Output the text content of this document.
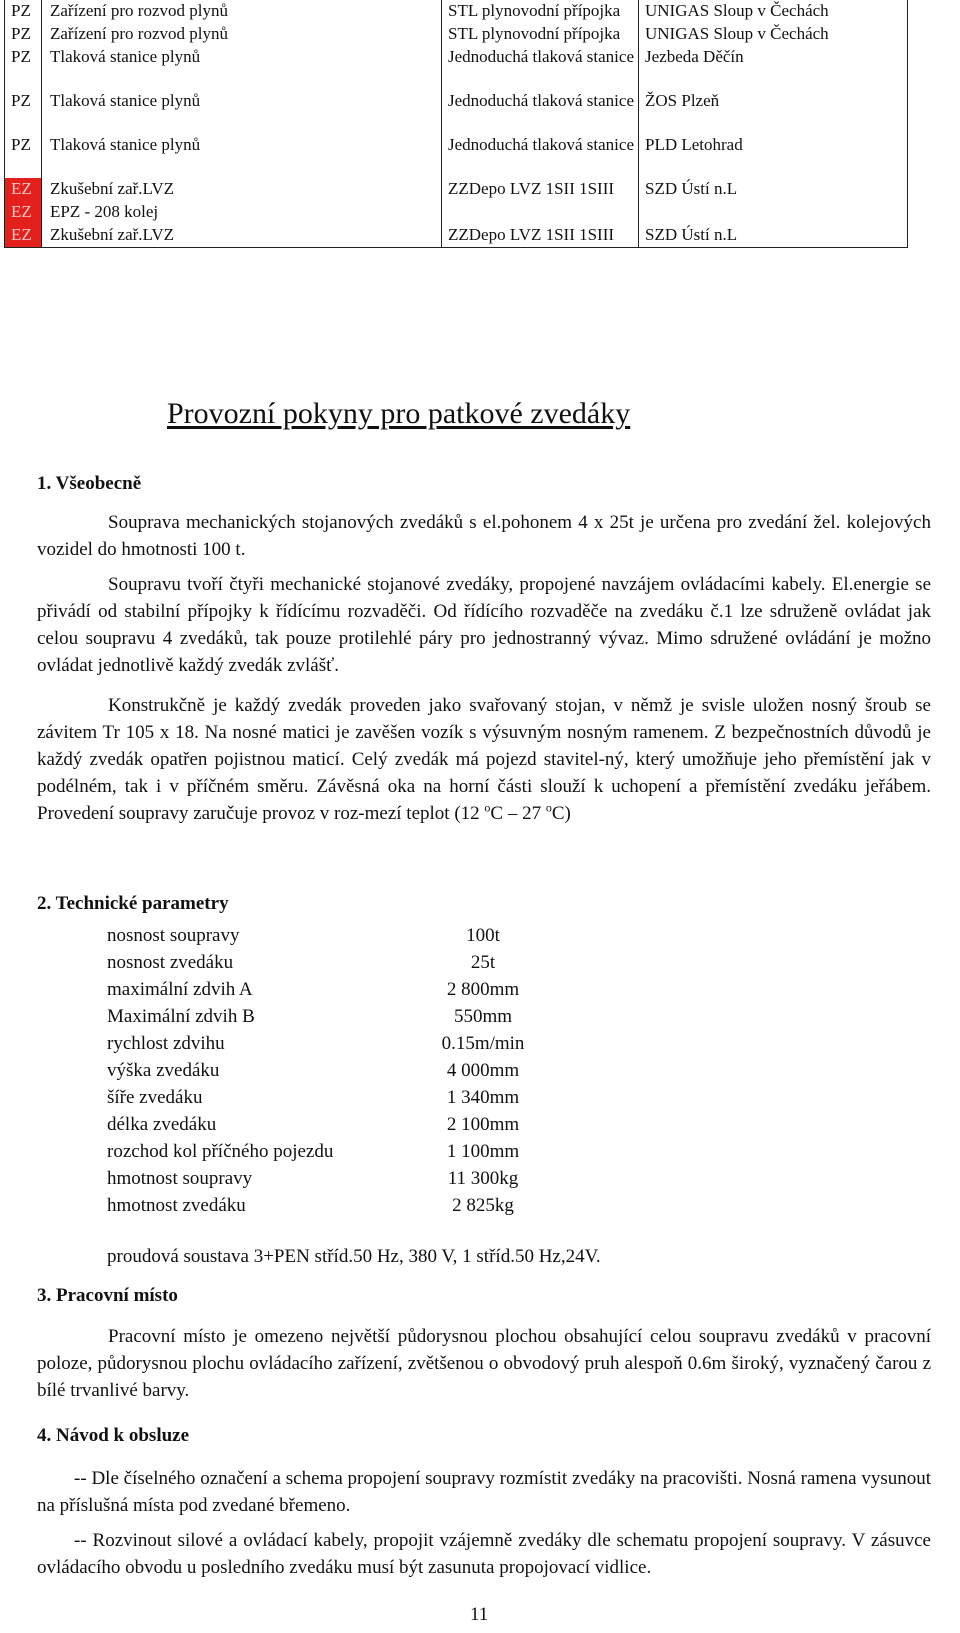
PZ	Zařízení pro rozvod plynů	STL plynovodní přípojka	UNIGAS Sloup v Čechách
PZ	Zařízení pro rozvod plynů	STL plynovodní přípojka	UNIGAS Sloup v Čechách
PZ	Tlaková stanice plynů	Jednoduchá tlaková stanice	Jezbeda Děčín
PZ	Tlaková stanice plynů	Jednoduchá tlaková stanice	ŽOS Plzeň
PZ	Tlaková stanice plynů	Jednoduchá tlaková stanice	PLD Letohrad
EZ	Zkušební zař.LVZ	ZZDepo LVZ 1SII 1SIII	SZD Ústí n.L
EZ	EPZ - 208 kolej		
EZ	Zkušební zař.LVZ	ZZDepo LVZ 1SII 1SIII	SZD Ústí n.L
Provozní pokyny pro patkové zvedáky
1. Všeobecně

Souprava mechanických stojanových zvedáků s el.pohonem 4 x 25t je určena pro zvedání žel. kolejových vozidel do hmotnosti 100 t.

Soupravu tvoří čtyři mechanické stojanové zvedáky, propojené navzájem ovládacími kabely. El.energie se přivádí od stabilní přípojky k řídícímu rozvaděči. Od řídícího rozvaděče na zvedáku č.1 lze sdruženě ovládat jak celou soupravu 4 zvedáků, tak pouze protilehlé páry pro jednostranný vývaz. Mimo sdružené ovládání je možno ovládat jednotlivě každý zvedák zvlášť.

Konstrukčně je každý zvedák proveden jako svařovaný stojan, v němž je svisle uložen nosný šroub se závitem Tr 105 x 18. Na nosné matici je zavěšen vozík s výsuvným nosným ramenem. Z bezpečnostních důvodů je každý zvedák opatřen pojistnou maticí. Celý zvedák má pojezd stavitel-ný, který umožňuje jeho přemístění jak v podélném, tak i v příčném směru. Závěsná oka na horní části slouží k uchopení a přemístění zvedáku jeřábem. Provedení soupravy zaručuje provoz v roz-mezí teplot (12 $^o$C – 27 $^o$C)

2. Technické parametry
nosnost soupravy	100t
nosnost zvedáku	25t
maximální zdvih A	2 800mm
Maximální zdvih B	550mm
rychlost zdvihu	0.15m/min
výška zvedáku	4 000mm
šíře zvedáku	1 340mm
délka zvedáku	2 100mm
rozchod kol příčného pojezdu	1 100mm
hmotnost soupravy	11 300kg
hmotnost zvedáku	2 825kg

proudová soustava 3+PEN stříd.50 Hz, 380 V, 1 stříd.50 Hz,24V.

3. Pracovní místo

Pracovní místo je omezeno největší půdorysnou plochou obsahující celou soupravu zvedáků v pracovní poloze, půdorysnou plochu ovládacího zařízení, zvětšenou o obvodový pruh alespoň 0.6m široký, vyznačený čarou z bílé trvanlivé barvy.

4. Návod k obsluze

-- Dle číselného označení a schema propojení soupravy rozmístit zvedáky na pracovišti. Nosná ramena vysunout na příslušná místa pod zvedané břemeno.

-- Rozvinout silové a ovládací kabely, propojit vzájemně zvedáky dle schematu propojení soupravy. V zásuvce ovládacího obvodu u posledního zvedáku musí být zasunuta propojovací vidlice.

11
